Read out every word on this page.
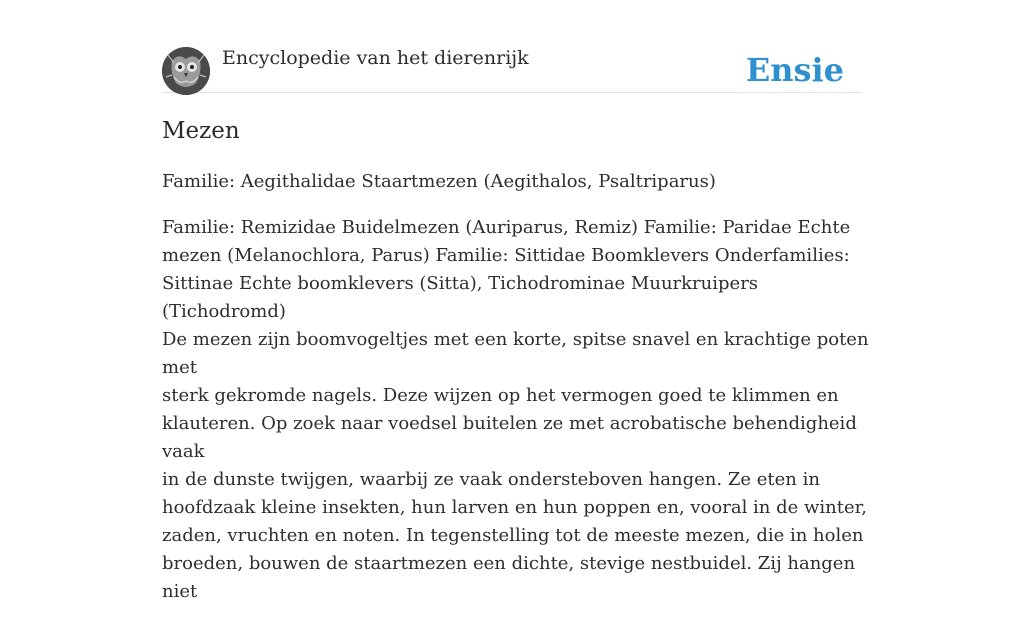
Encyclopedie van het dierenrijk	Ensie
Mezen

Familie: Aegithalidae Staartmezen (Aegithalos, Psaltriparus)

Familie: Remizidae Buidelmezen (Auriparus, Remiz) Familie: Paridae Echte
mezen (Melanochlora, Parus) Familie: Sittidae Boomklevers Onderfamilies:
Sittinae Echte boomklevers (Sitta), Tichodrominae Muurkruipers (Tichodromd)

De mezen zijn boomvogeltjes met een korte, spitse snavel en krachtige poten met
sterk gekromde nagels. Deze wijzen op het vermogen goed te klimmen en
klauteren. Op zoek naar voedsel buitelen ze met acrobatische behendigheid vaak
in de dunste twijgen, waarbij ze vaak ondersteboven hangen. Ze eten in
hoofdzaak kleine insekten, hun larven en hun poppen en, vooral in de winter,
zaden, vruchten en noten. In tegenstelling tot de meeste mezen, die in holen
broeden, bouwen de staartmezen een dichte, stevige nestbuidel. Zij hangen niet
